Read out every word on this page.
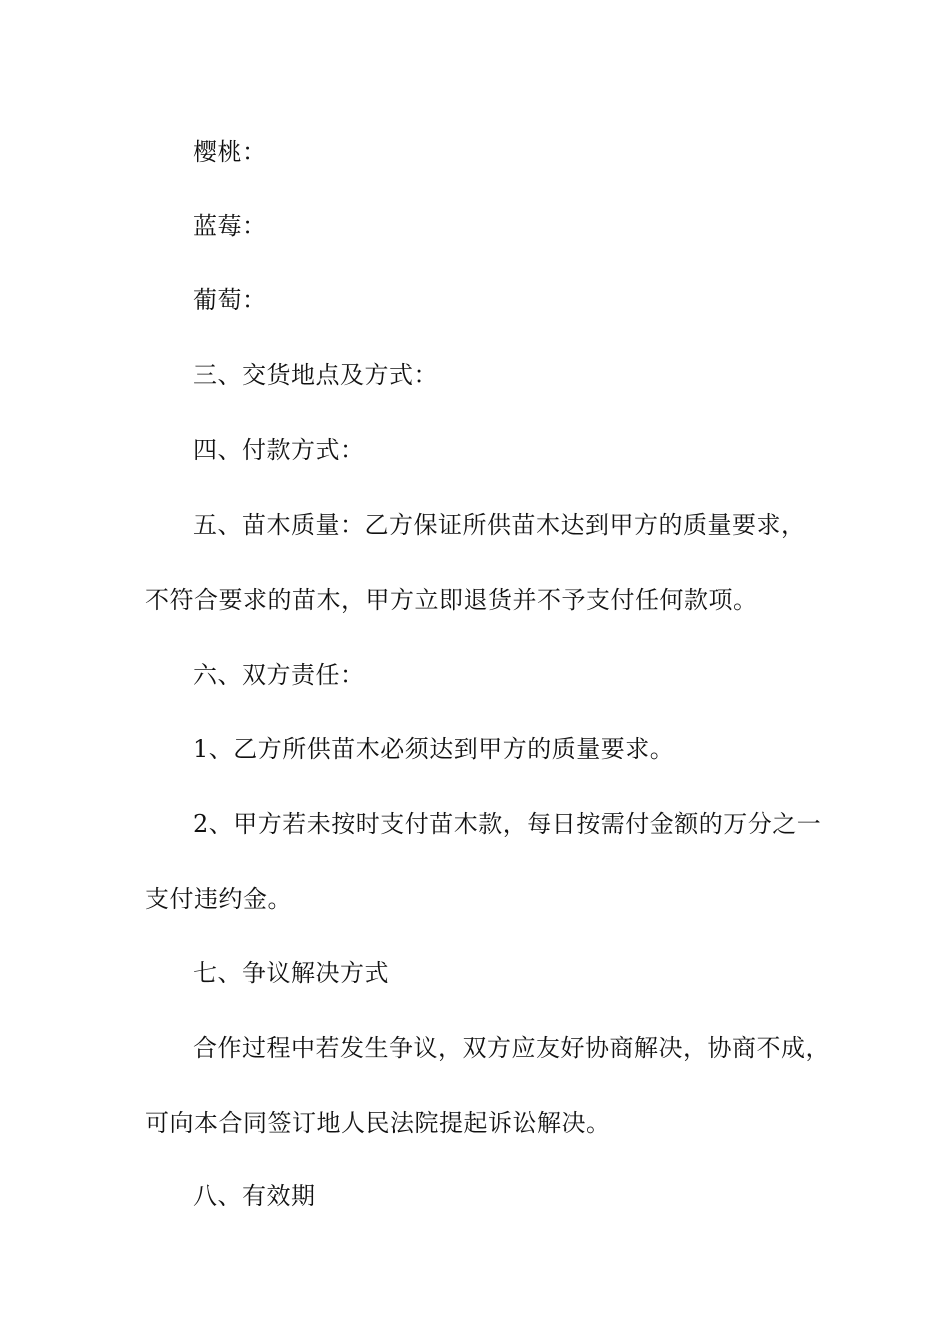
樱桃：
蓝莓：
葡萄：
三、交货地点及方式：
四、付款方式：
五、苗木质量：乙方保证所供苗木达到甲方的质量要求，
不符合要求的苗木，甲方立即退货并不予支付任何款项。
六、双方责任：
1、乙方所供苗木必须达到甲方的质量要求。
2、甲方若未按时支付苗木款，每日按需付金额的万分之一
支付违约金。
七、争议解决方式
合作过程中若发生争议，双方应友好协商解决，协商不成，
可向本合同签订地人民法院提起诉讼解决。
八、有效期
